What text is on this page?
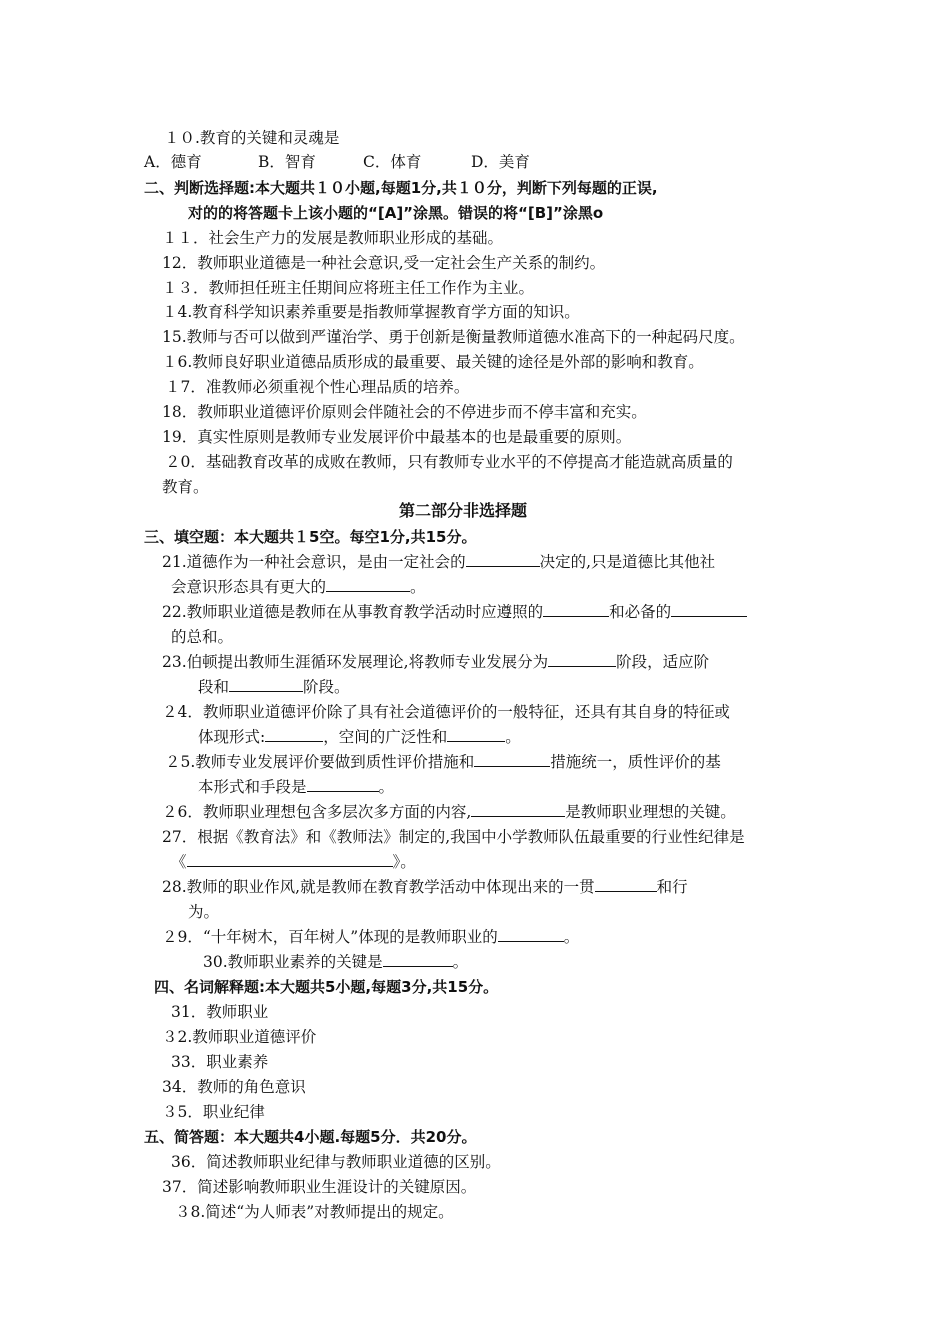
１０.教育的关键和灵魂是
A．德育	B．智育	C．体育	D．美育
二、判断选择题:本大题共１０小题,每题1分,共１０分，判断下列每题的正误,
对的的将答题卡上该小题的“[A]”涂黑。错误的将“[B]”涂黑o
１１．社会生产力的发展是教师职业形成的基础。
12．教师职业道德是一种社会意识,受一定社会生产关系的制约。
１３．教师担任班主任期间应将班主任工作作为主业。
１4.教育科学知识素养重要是指教师掌握教育学方面的知识。
15.教师与否可以做到严谨治学、勇于创新是衡量教师道德水准高下的一种起码尺度。
１6.教师良好职业道德品质形成的最重要、最关键的途径是外部的影响和教育。
１7．准教师必须重视个性心理品质的培养。
18．教师职业道德评价原则会伴随社会的不停进步而不停丰富和充实。
19．真实性原则是教师专业发展评价中最基本的也是最重要的原则。
２0．基础教育改革的成败在教师，只有教师专业水平的不停提高才能造就高质量的
教育。
第二部分非选择题
三、填空题：本大题共１5空。每空1分,共15分。
21.道德作为一种社会意识，是由一定社会的	决定的,只是道德比其他社
会意识形态具有更大的	。
22.教师职业道德是教师在从事教育教学活动时应遵照的	和必备的
的总和。
23.伯顿提出教师生涯循环发展理论,将教师专业发展分为	阶段，适应阶
段和	阶段。
２4．教师职业道德评价除了具有社会道德评价的一般特征，还具有其自身的特征或
体现形式:	，空间的广泛性和	。
２5.教师专业发展评价要做到质性评价措施和	措施统一，质性评价的基
本形式和手段是	。
２6．教师职业理想包含多层次多方面的内容,	是教师职业理想的关键。
27．根据《教育法》和《教师法》制定的,我国中小学教师队伍最重要的行业性纪律是
《	》。
28.教师的职业作风,就是教师在教育教学活动中体现出来的一贯	和行
为。
２9．“十年树木，百年树人”体现的是教师职业的	。
30.教师职业素养的关键是	。
四、名词解释题:本大题共5小题,每题3分,共15分。
31．教师职业
３2.教师职业道德评价
33．职业素养
34．教师的角色意识
３5．职业纪律
五、简答题：本大题共4小题.每题5分．共20分。
36．简述教师职业纪律与教师职业道德的区别。
37．简述影响教师职业生涯设计的关键原因。
３8.简述“为人师表”对教师提出的规定。
